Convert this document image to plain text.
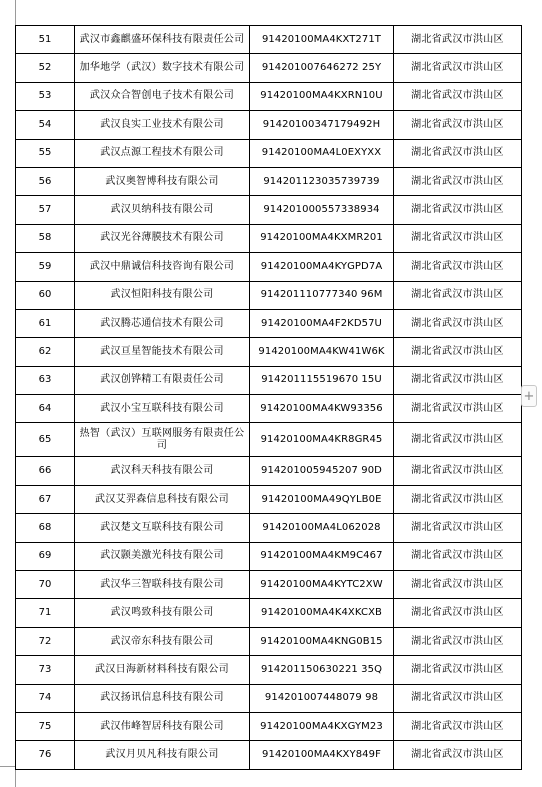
51	武汉市鑫麒盛环保科技有限责任公司	91420100MA4KXT271T	湖北省武汉市洪山区
52	加华地学（武汉）数字技术有限公司	914201007646272 25Y	湖北省武汉市洪山区
53	武汉众合智创电子技术有限公司	91420100MA4KXRN10U	湖北省武汉市洪山区
54	武汉良实工业技术有限公司	91420100347179492H	湖北省武汉市洪山区
55	武汉点源工程技术有限公司	91420100MA4L0EXYXX	湖北省武汉市洪山区
56	武汉奥智博科技有限公司	914201123035739739	湖北省武汉市洪山区
57	武汉贝纳科技有限公司	914201000557338934	湖北省武汉市洪山区
58	武汉光谷薄膜技术有限公司	91420100MA4KXMR201	湖北省武汉市洪山区
59	武汉中鼎诚信科技咨询有限公司	91420100MA4KYGPD7A	湖北省武汉市洪山区
60	武汉恒阳科技有限公司	914201110777340 96M	湖北省武汉市洪山区
61	武汉腾芯通信技术有限公司	91420100MA4F2KD57U	湖北省武汉市洪山区
62	武汉亘星智能技术有限公司	91420100MA4KW41W6K	湖北省武汉市洪山区
63	武汉创铧精工有限责任公司	914201115519670 15U	湖北省武汉市洪山区
64	武汉小宝互联科技有限公司	91420100MA4KW93356	湖北省武汉市洪山区
65	热智（武汉）互联网服务有限责任公司	91420100MA4KR8GR45	湖北省武汉市洪山区
66	武汉科天科技有限公司	914201005945207 90D	湖北省武汉市洪山区
67	武汉艾羿森信息科技有限公司	91420100MA49QYLB0E	湖北省武汉市洪山区
68	武汉楚文互联科技有限公司	91420100MA4L062028	湖北省武汉市洪山区
69	武汉颢美激光科技有限公司	91420100MA4KM9C467	湖北省武汉市洪山区
70	武汉华三智联科技有限公司	91420100MA4KYTC2XW	湖北省武汉市洪山区
71	武汉鸣致科技有限公司	91420100MA4K4XKCXB	湖北省武汉市洪山区
72	武汉帝东科技有限公司	91420100MA4KNG0B15	湖北省武汉市洪山区
73	武汉日海新材料科技有限公司	914201150630221 35Q	湖北省武汉市洪山区
74	武汉扬讯信息科技有限公司	914201007448079 98	湖北省武汉市洪山区
75	武汉伟峰智居科技有限公司	91420100MA4KXGYM23	湖北省武汉市洪山区
76	武汉月贝凡科技有限公司	91420100MA4KXY849F	湖北省武汉市洪山区
+
